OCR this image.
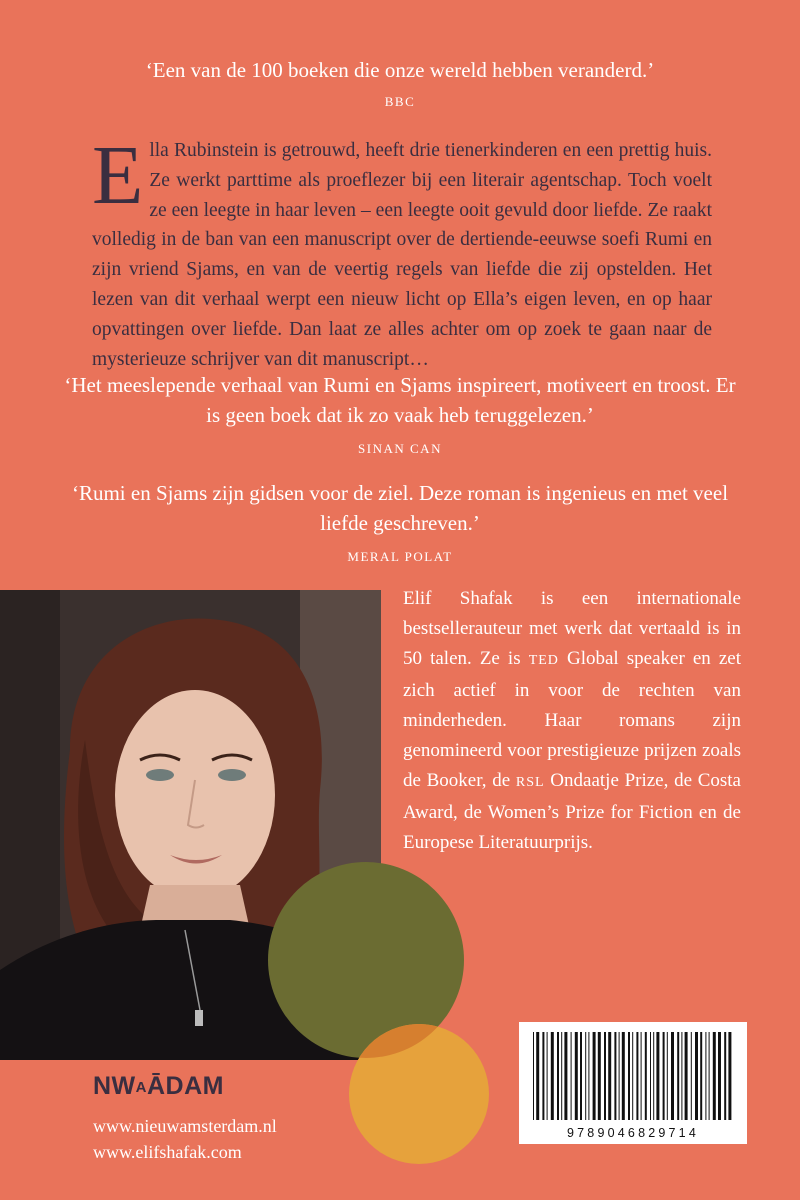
‘Een van de 100 boeken die onze wereld hebben veranderd.’
BBC

Ella Rubinstein is getrouwd, heeft drie tienerkinderen en een prettig huis. Ze werkt parttime als proeflezer bij een literair agentschap. Toch voelt ze een leegte in haar leven – een leegte ooit gevuld door liefde. Ze raakt volledig in de ban van een manuscript over de dertiende-eeuwse soefi Rumi en zijn vriend Sjams, en van de veertig regels van liefde die zij opstelden. Het lezen van dit verhaal werpt een nieuw licht op Ella’s eigen leven, en op haar opvattingen over liefde. Dan laat ze alles achter om op zoek te gaan naar de mysterieuze schrijver van dit manuscript…

‘Het meeslepende verhaal van Rumi en Sjams inspireert, motiveert en troost. Er is geen boek dat ik zo vaak heb teruggelezen.’
SINAN CAN
‘Rumi en Sjams zijn gidsen voor de ziel. Deze roman is ingenieus en met veel liefde geschreven.’
MERAL POLAT

Elif Shafak is een internationale bestsellerauteur met werk dat vertaald is in 50 talen. Ze is TED Global speaker en zet zich actief in voor de rechten van minderheden. Haar romans zijn genomineerd voor prestigieuze prijzen zoals de Booker, de RSL Ondaatje Prize, de Costa Award, de Women’s Prize for Fiction en de Europese Literatuurprijs.

NWAĀDAM
www.nieuwamsterdam.nl
www.elifshafak.com
9789046829714
